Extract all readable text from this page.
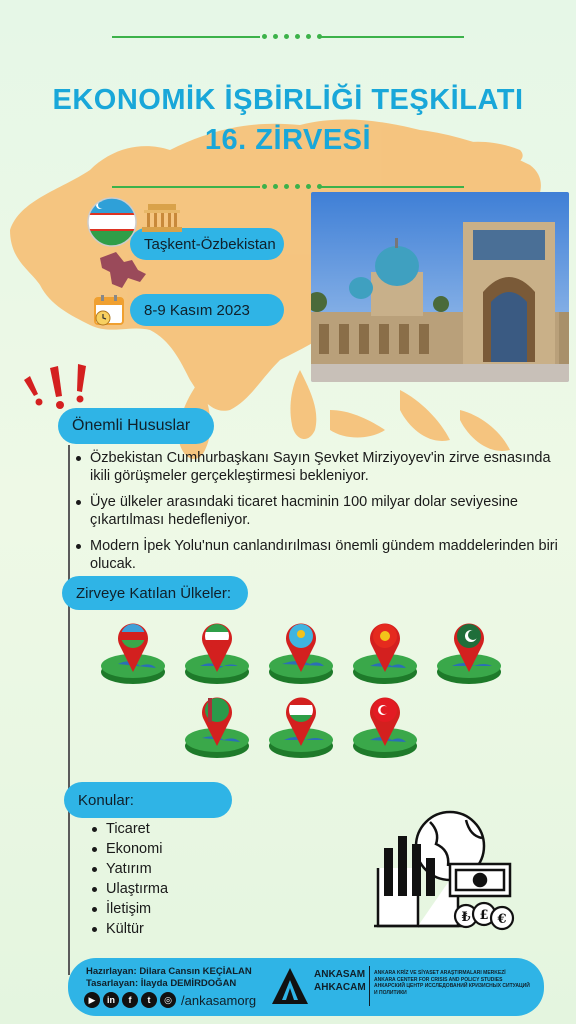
EKONOMİK İŞBİRLİĞİ TEŞKİLATI
16. ZİRVESİ
Taşkent-Özbekistan
8-9 Kasım 2023
Önemli Hususlar
Özbekistan Cumhurbaşkanı Sayın Şevket Mirziyoyev'in zirve esnasında ikili görüşmeler gerçekleştirmesi bekleniyor.
Üye ülkeler arasındaki ticaret hacminin 100 milyar dolar seviyesine çıkartılması hedefleniyor.
Modern İpek Yolu'nun canlandırılması önemli gündem maddelerinden biri olucak.
Zirveye Katılan Ülkeler:
Konular:
Ticaret
Ekonomi
Yatırım
Ulaştırma
İletişim
Kültür
₺ £ €
Hazırlayan: Dilara Cansın KEÇİALAN
Tasarlayan: İlayda DEMİRDOĞAN
▶	in	f	t	◎ /ankasamorg
ANKASAM
AHKACAM
ANKARA KRİZ VE SİYASET ARAŞTIRMALARI MERKEZİ
ANKARA CENTER FOR CRISIS AND POLICY STUDIES
АНКАРСКИЙ ЦЕНТР ИССЛЕДОВАНИЙ КРИЗИСНЫХ СИТУАЦИЙ И ПОЛИТИКИ
